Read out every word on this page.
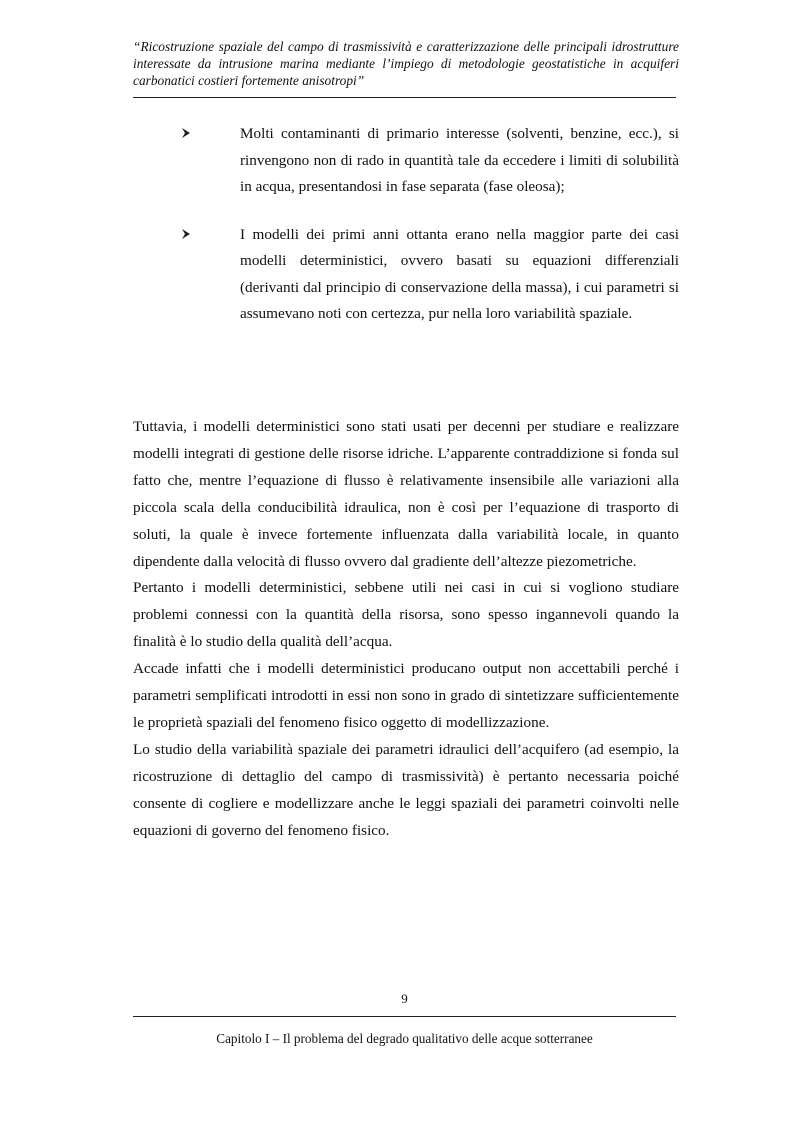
“Ricostruzione spaziale del campo di trasmissività e caratterizzazione delle principali idrostrutture interessate da intrusione marina mediante l’impiego di metodologie geostatistiche in acquiferi carbonatici costieri fortemente anisotropi”

Molti contaminanti di primario interesse (solventi, benzine, ecc.), si rinvengono non di rado in quantità tale da eccedere i limiti di solubilità in acqua, presentandosi in fase separata (fase oleosa);
I modelli dei primi anni ottanta erano nella maggior parte dei casi modelli deterministici, ovvero basati su equazioni differenziali (derivanti dal principio di conservazione della massa), i cui parametri si assumevano noti con certezza, pur nella loro variabilità spaziale.

Tuttavia, i modelli deterministici sono stati usati per decenni per studiare e realizzare modelli integrati di gestione delle risorse idriche. L’apparente contraddizione si fonda sul fatto che, mentre l’equazione di flusso è relativamente insensibile alle variazioni alla piccola scala della conducibilità idraulica, non è così per l’equazione di trasporto di soluti, la quale è invece fortemente influenzata dalla variabilità locale, in quanto dipendente dalla velocità di flusso ovvero dal gradiente dell’altezze piezometriche.

Pertanto i modelli deterministici, sebbene utili nei casi in cui si vogliono studiare problemi connessi con la quantità della risorsa, sono spesso ingannevoli quando la finalità è lo studio della qualità dell’acqua.

Accade infatti che i modelli deterministici producano output non accettabili perché i parametri semplificati introdotti in essi non sono in grado di sintetizzare sufficientemente le proprietà spaziali del fenomeno fisico oggetto di modellizzazione.

Lo studio della variabilità spaziale dei parametri idraulici dell’acquifero (ad esempio, la ricostruzione di dettaglio del campo di trasmissività) è pertanto necessaria poiché consente di cogliere e modellizzare anche le leggi spaziali dei parametri coinvolti nelle equazioni di governo del fenomeno fisico.

9
Capitolo I – Il problema del degrado qualitativo delle acque sotterranee
